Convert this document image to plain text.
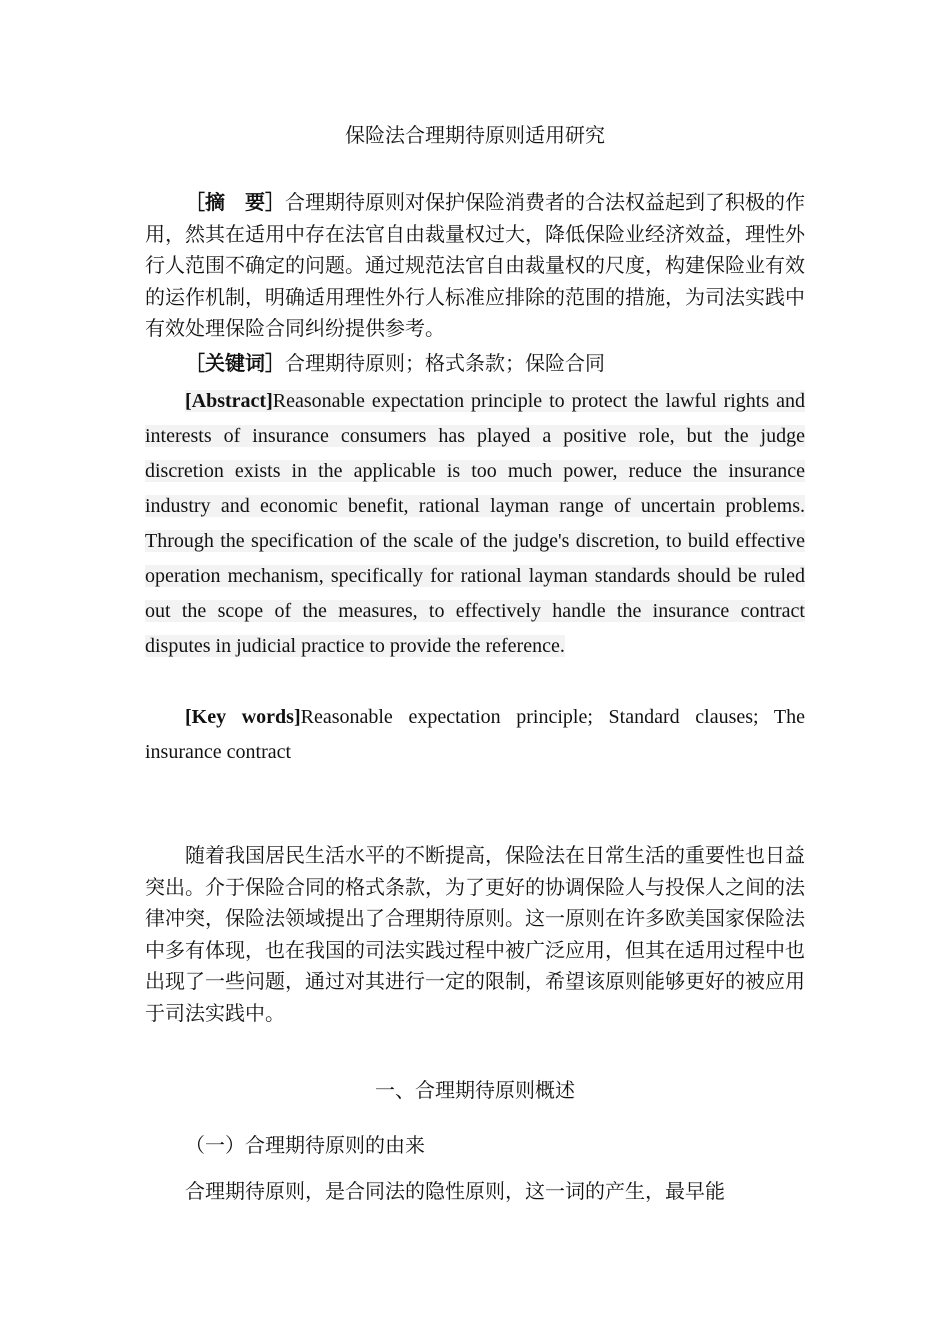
保险法合理期待原则适用研究

［摘　要］合理期待原则对保护保险消费者的合法权益起到了积极的作用，然其在适用中存在法官自由裁量权过大，降低保险业经济效益，理性外行人范围不确定的问题。通过规范法官自由裁量权的尺度，构建保险业有效的运作机制，明确适用理性外行人标准应排除的范围的措施，为司法实践中有效处理保险合同纠纷提供参考。

［关键词］合理期待原则；格式条款；保险合同

[Abstract]Reasonable expectation principle to protect the lawful rights and interests of insurance consumers has played a positive role, but the judge discretion exists in the applicable is too much power, reduce the insurance industry and economic benefit, rational layman range of uncertain problems. Through the specification of the scale of the judge's discretion, to build effective operation mechanism, specifically for rational layman standards should be ruled out the scope of the measures, to effectively handle the insurance contract disputes in judicial practice to provide the reference.

[Key words]Reasonable expectation principle; Standard clauses; The insurance contract

随着我国居民生活水平的不断提高，保险法在日常生活的重要性也日益突出。介于保险合同的格式条款，为了更好的协调保险人与投保人之间的法律冲突，保险法领域提出了合理期待原则。这一原则在许多欧美国家保险法中多有体现，也在我国的司法实践过程中被广泛应用，但其在适用过程中也出现了一些问题，通过对其进行一定的限制，希望该原则能够更好的被应用于司法实践中。

一、合理期待原则概述

（一）合理期待原则的由来

合理期待原则，是合同法的隐性原则，这一词的产生，最早能
